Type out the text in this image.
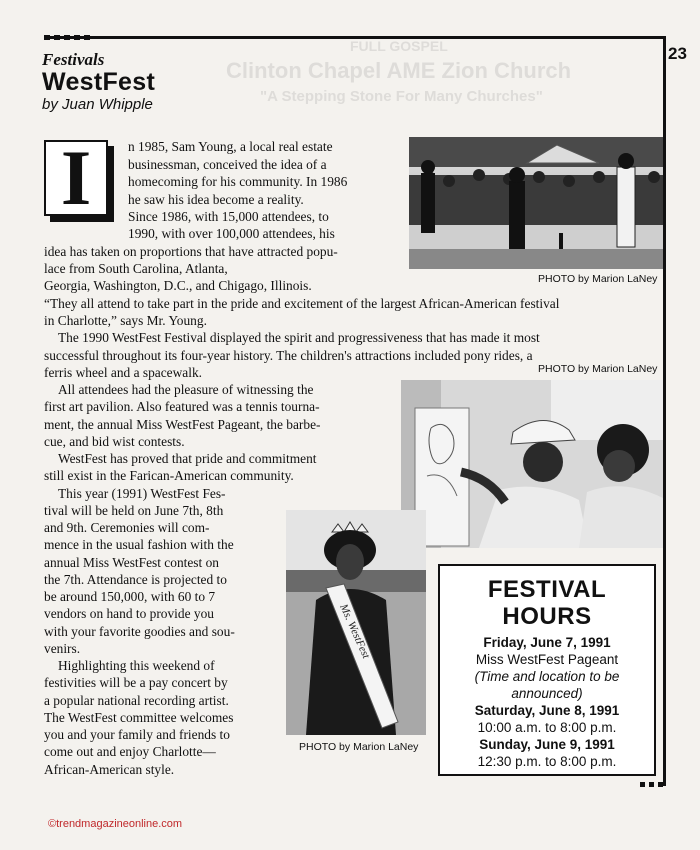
23
FULL GOSPEL
Clinton Chapel AME Zion Church
"A Stepping Stone For Many Churches"
Festivals
WestFest
by Juan Whipple
I	n 1985, Sam Young, a local real estate
businessman, conceived the idea of a
homecoming for his community. In 1986
he saw his idea become a reality.
Since 1986, with 15,000 attendees, to
1990, with over 100,000 attendees, his
idea has taken on proportions that have attracted popu-
lace from South Carolina, Atlanta,
Georgia, Washington, D.C., and Chigago, Illinois.
“They all attend to take part in the pride and excitement of the largest African-American festival
in Charlotte,” says Mr. Young.
The 1990 WestFest Festival displayed the spirit and progressiveness that has made it most
successful throughout its four-year history. The children's attractions included pony rides, a
ferris wheel and a spacewalk.
All attendees had the pleasure of witnessing the
first art pavilion. Also featured was a tennis tourna-
ment, the annual Miss WestFest Pageant, the barbe-
cue, and bid wist contests.
WestFest has proved that pride and commitment
still exist in the Farican-American community.
This year (1991) WestFest Fes-
tival will be held on June 7th, 8th
and 9th. Ceremonies will com-
mence in the usual fashion with the
annual Miss WestFest contest on
the 7th. Attendance is projected to
be around 150,000, with 60 to 7
vendors on hand to provide you
with your favorite goodies and sou-
venirs.
Highlighting this weekend of
festivities will be a pay concert by
a popular national recording artist.
The WestFest committee welcomes
you and your family and friends to
come out and enjoy Charlotte—
African-American style.
PHOTO by Marion LaNey
PHOTO by Marion LaNey
Ms. WestFest
PHOTO by Marion LaNey
FESTIVAL
HOURS
Friday, June 7, 1991
Miss WestFest Pageant
(Time and location to be
announced)
Saturday, June 8, 1991
10:00 a.m. to 8:00 p.m.
Sunday, June 9, 1991
12:30 p.m. to 8:00 p.m.
©trendmagazineonline.com
